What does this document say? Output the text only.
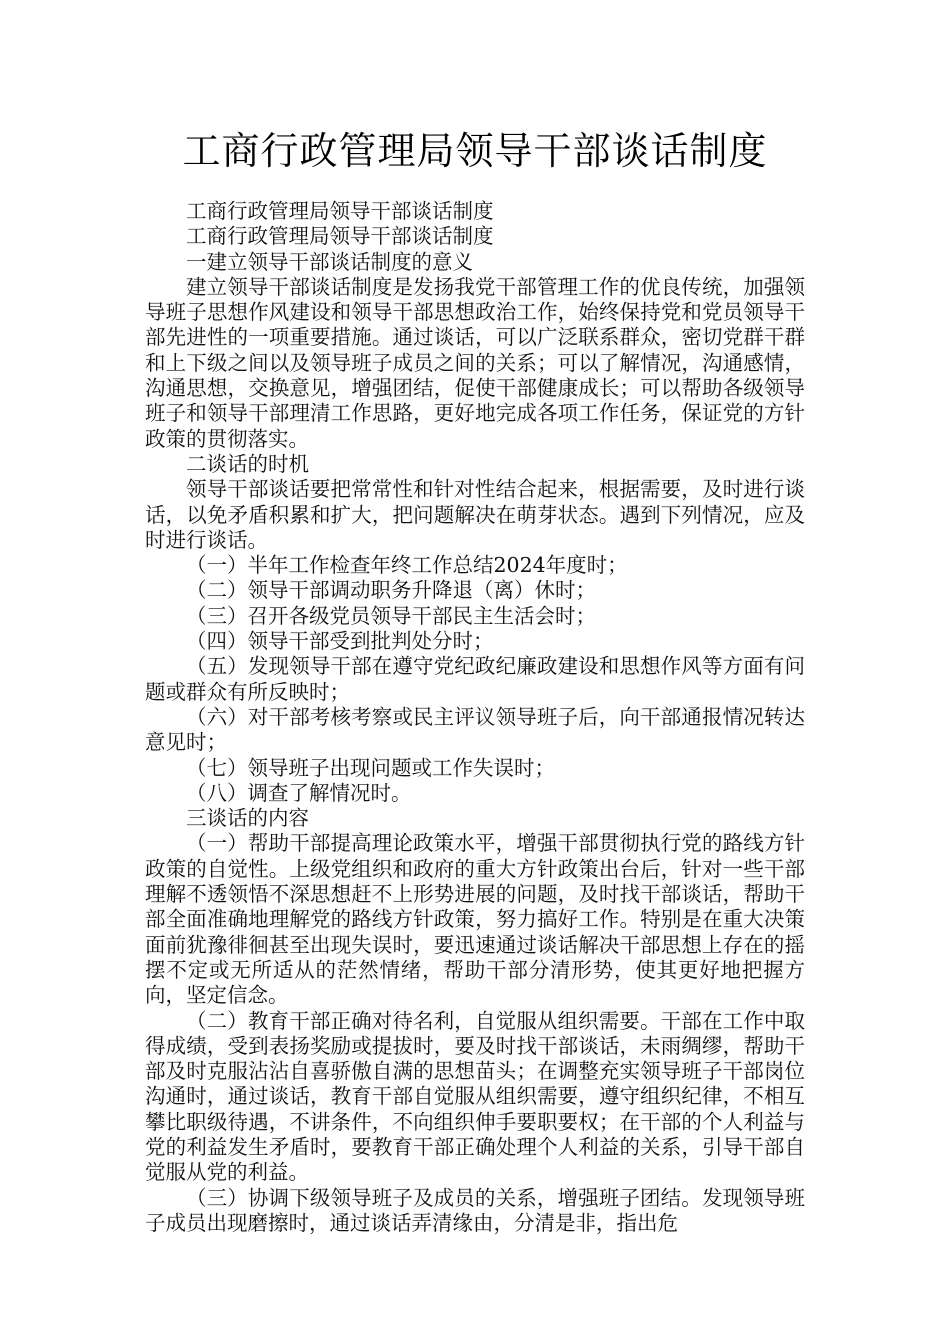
工商行政管理局领导干部谈话制度

工商行政管理局领导干部谈话制度

工商行政管理局领导干部谈话制度

一建立领导干部谈话制度的意义

建立领导干部谈话制度是发扬我党干部管理工作的优良传统，加强领导班子思想作风建设和领导干部思想政治工作，始终保持党和党员领导干部先进性的一项重要措施。通过谈话，可以广泛联系群众，密切党群干群和上下级之间以及领导班子成员之间的关系；可以了解情况，沟通感情，沟通思想，交换意见，增强团结，促使干部健康成长；可以帮助各级领导班子和领导干部理清工作思路，更好地完成各项工作任务，保证党的方针政策的贯彻落实。

二谈话的时机

领导干部谈话要把常常性和针对性结合起来，根据需要，及时进行谈话，以免矛盾积累和扩大，把问题解决在萌芽状态。遇到下列情况，应及时进行谈话。

（一）半年工作检查年终工作总结2024年度时；

（二）领导干部调动职务升降退（离）休时；

（三）召开各级党员领导干部民主生活会时；

（四）领导干部受到批判处分时；

（五）发现领导干部在遵守党纪政纪廉政建设和思想作风等方面有问题或群众有所反映时；

（六）对干部考核考察或民主评议领导班子后，向干部通报情况转达意见时；

（七）领导班子出现问题或工作失误时；

（八）调查了解情况时。

三谈话的内容

（一）帮助干部提高理论政策水平，增强干部贯彻执行党的路线方针政策的自觉性。上级党组织和政府的重大方针政策出台后，针对一些干部理解不透领悟不深思想赶不上形势进展的问题，及时找干部谈话，帮助干部全面准确地理解党的路线方针政策，努力搞好工作。特别是在重大决策面前犹豫徘徊甚至出现失误时，要迅速通过谈话解决干部思想上存在的摇摆不定或无所适从的茫然情绪，帮助干部分清形势，使其更好地把握方向，坚定信念。

（二）教育干部正确对待名利，自觉服从组织需要。干部在工作中取得成绩，受到表扬奖励或提拔时，要及时找干部谈话，未雨绸缪，帮助干部及时克服沾沾自喜骄傲自满的思想苗头；在调整充实领导班子干部岗位沟通时，通过谈话，教育干部自觉服从组织需要，遵守组织纪律，不相互攀比职级待遇，不讲条件，不向组织伸手要职要权；在干部的个人利益与党的利益发生矛盾时，要教育干部正确处理个人利益的关系，引导干部自觉服从党的利益。

（三）协调下级领导班子及成员的关系，增强班子团结。发现领导班子成员出现磨擦时，通过谈话弄清缘由，分清是非，指出危
